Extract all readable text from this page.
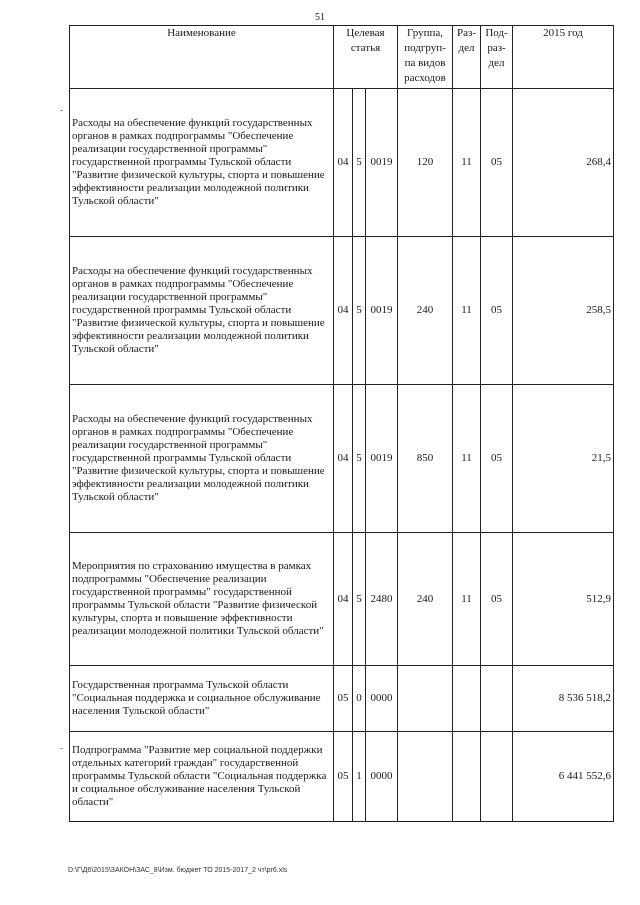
51
Наименование	Целевая статья			Группа, подгруп-па видов расходов	Раз-дел	Под-раз-дел	2015 год
Расходы на обеспечение функций государственных органов в рамках подпрограммы "Обеспечение реализации государственной программы" государственной программы Тульской области "Развитие физической культуры, спорта и повышение эффективности реализации молодежной политики Тульской области"	04	5	0019	120	11	05	268,4
Расходы на обеспечение функций государственных органов в рамках подпрограммы "Обеспечение реализации государственной программы" государственной программы Тульской области "Развитие физической культуры, спорта и повышение эффективности реализации молодежной политики Тульской области"	04	5	0019	240	11	05	258,5
Расходы на обеспечение функций государственных органов в рамках подпрограммы "Обеспечение реализации государственной программы" государственной программы Тульской области "Развитие физической культуры, спорта и повышение эффективности реализации молодежной политики Тульской области"	04	5	0019	850	11	05	21,5
Мероприятия по страхованию имущества в рамках подпрограммы "Обеспечение реализации государственной программы" государственной программы Тульской области "Развитие физической культуры, спорта и повышение эффективности реализации молодежной политики Тульской области"	04	5	2480	240	11	05	512,9
Государственная программа Тульской области "Социальная поддержка и социальное обслуживание населения Тульской области"	05	0	0000				8 536 518,2
Подпрограмма "Развитие мер социальной поддержки отдельных категорий граждан" государственной программы Тульской области "Социальная поддержка и социальное обслуживание населения Тульской области"	05	1	0000				6 441 552,6
D:\Г\Д6\2015\ЗАКОН\ЗАС_8\Изм. бюджет ТО 2015-2017_2 чт\pr6.xls
